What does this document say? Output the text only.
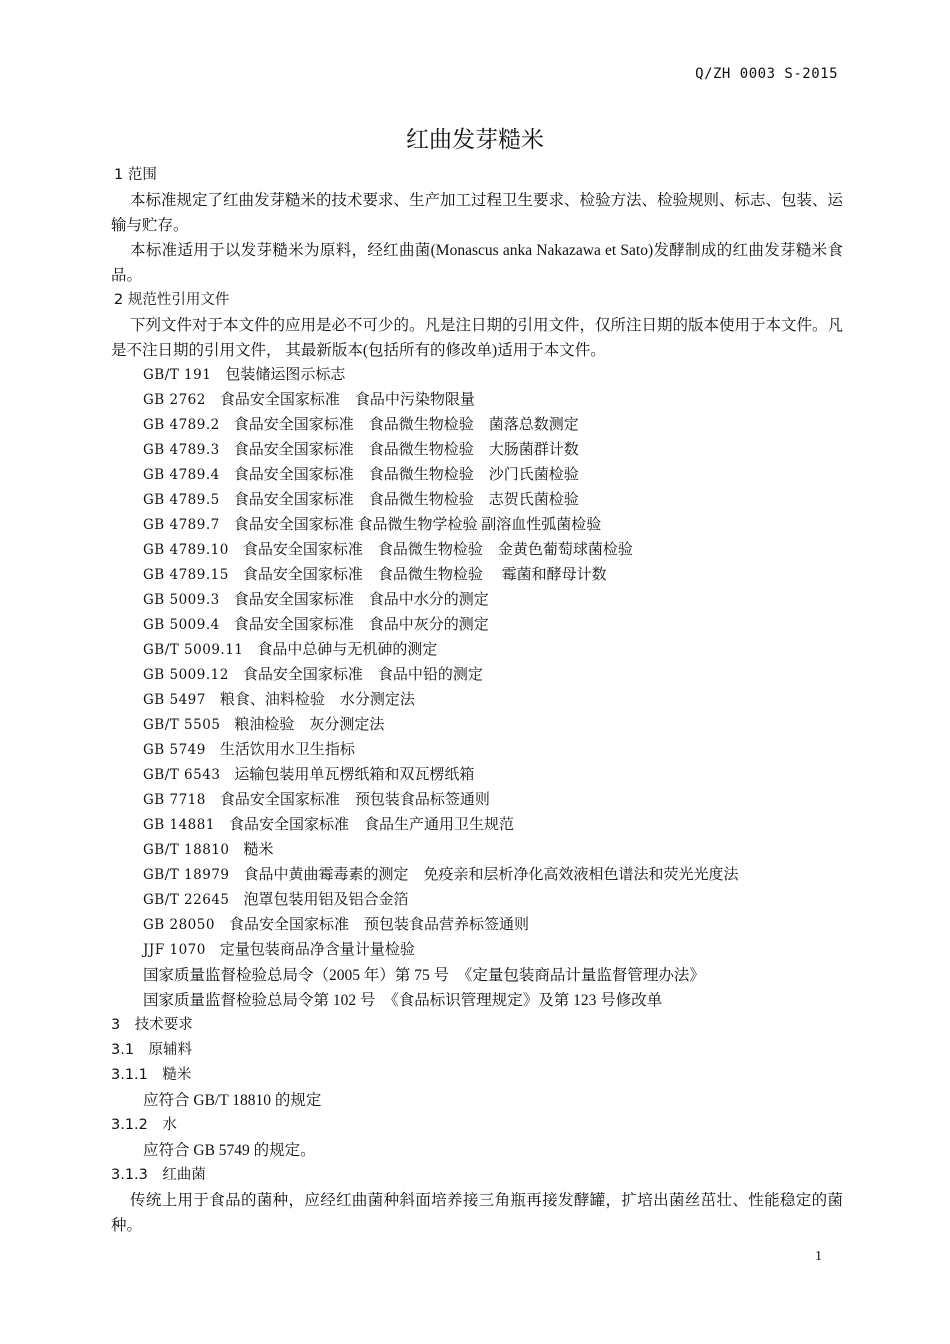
Q/ZH 0003 S-2015
红曲发芽糙米
1 范围
本标准规定了红曲发芽糙米的技术要求、生产加工过程卫生要求、检验方法、检验规则、标志、包装、运输与贮存。
本标准适用于以发芽糙米为原料，经红曲菌(Monascus anka Nakazawa et Sato)发酵制成的红曲发芽糙米食品。
2 规范性引用文件
下列文件对于本文件的应用是必不可少的。凡是注日期的引用文件，仅所注日期的版本使用于本文件。凡是不注日期的引用文件， 其最新版本(包括所有的修改单)适用于本文件。
GB/T 191 包装储运图示标志
GB 2762 食品安全国家标准　食品中污染物限量
GB 4789.2 食品安全国家标准　食品微生物检验　菌落总数测定
GB 4789.3 食品安全国家标准　食品微生物检验　大肠菌群计数
GB 4789.4 食品安全国家标准　食品微生物检验　沙门氏菌检验
GB 4789.5 食品安全国家标准　食品微生物检验　志贺氏菌检验
GB 4789.7 食品安全国家标准 食品微生物学检验 副溶血性弧菌检验
GB 4789.10 食品安全国家标准　食品微生物检验　金黄色葡萄球菌检验
GB 4789.15 食品安全国家标准　食品微生物检验　 霉菌和酵母计数
GB 5009.3 食品安全国家标准　食品中水分的测定
GB 5009.4 食品安全国家标准　食品中灰分的测定
GB/T 5009.11 食品中总砷与无机砷的测定
GB 5009.12 食品安全国家标准　食品中铅的测定
GB 5497 粮食、油料检验　水分测定法
GB/T 5505 粮油检验　灰分测定法
GB 5749 生活饮用水卫生指标
GB/T 6543 运输包装用单瓦楞纸箱和双瓦楞纸箱
GB 7718 食品安全国家标准　预包装食品标签通则
GB 14881 食品安全国家标准　食品生产通用卫生规范
GB/T 18810 糙米
GB/T 18979 食品中黄曲霉毒素的测定　免疫亲和层析净化高效液相色谱法和荧光光度法
GB/T 22645 泡罩包装用铝及铝合金箔
GB 28050 食品安全国家标准　预包装食品营养标签通则
JJF 1070 定量包装商品净含量计量检验
国家质量监督检验总局令（2005 年）第 75 号　《定量包装商品计量监督管理办法》
国家质量监督检验总局令第 102 号　《食品标识管理规定》及第 123 号修改单
3　技术要求
3.1　原辅料
3.1.1　糙米
应符合 GB/T 18810 的规定
3.1.2　水
应符合 GB 5749 的规定。
3.1.3　红曲菌
传统上用于食品的菌种，应经红曲菌种斜面培养接三角瓶再接发酵罐，扩培出菌丝茁壮、性能稳定的菌种。
1
